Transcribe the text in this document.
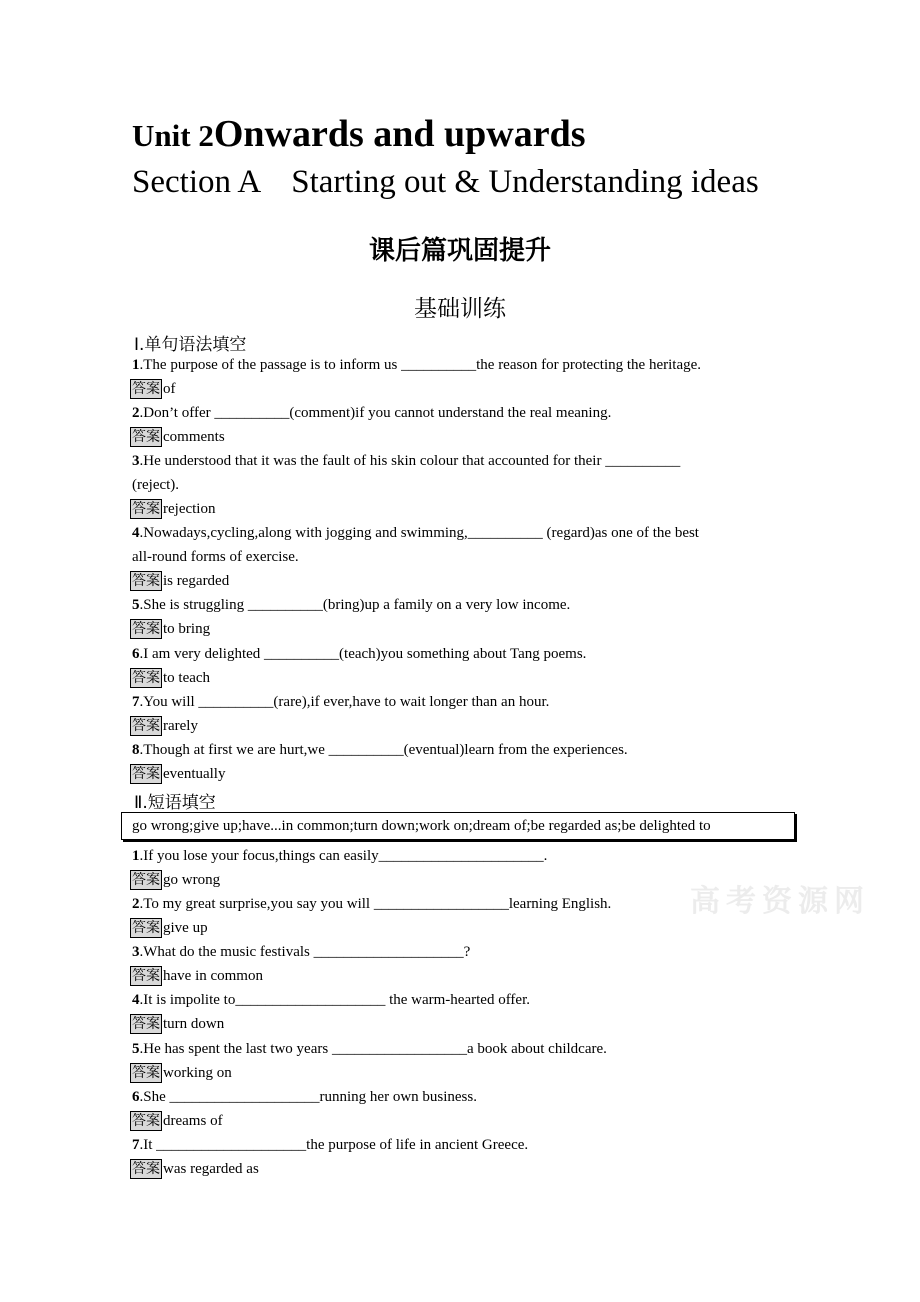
Unit 2Onwards and upwards
Section A Starting out & Understanding ideas
课后篇巩固提升
基础训练
Ⅰ.单句语法填空
1.The purpose of the passage is to inform us __________the reason for protecting the heritage.
答案 of
2.Don’t offer __________(comment)if you cannot understand the real meaning.
答案 comments
3.He understood that it was the fault of his skin colour that accounted for their __________
(reject).
答案 rejection
4.Nowadays,cycling,along with jogging and swimming,__________ (regard)as one of the best
all-round forms of exercise.
答案 is regarded
5.She is struggling __________(bring)up a family on a very low income.
答案 to bring
6.I am very delighted __________(teach)you something about Tang poems.
答案 to teach
7.You will __________(rare),if ever,have to wait longer than an hour.
答案 rarely
8.Though at first we are hurt,we __________(eventual)learn from the experiences.
答案 eventually
Ⅱ.短语填空
go wrong;give up;have...in common;turn down;work on;dream of;be regarded as;be delighted to
高考资源网
1.If you lose your focus,things can easily______________________.
答案 go wrong
2.To my great surprise,you say you will __________________learning English.
答案 give up
3.What do the music festivals ____________________?
答案 have in common
4.It is impolite to____________________ the warm-hearted offer.
答案 turn down
5.He has spent the last two years __________________a book about childcare.
答案 working on
6.She ____________________running her own business.
答案 dreams of
7.It ____________________the purpose of life in ancient Greece.
答案 was regarded as
